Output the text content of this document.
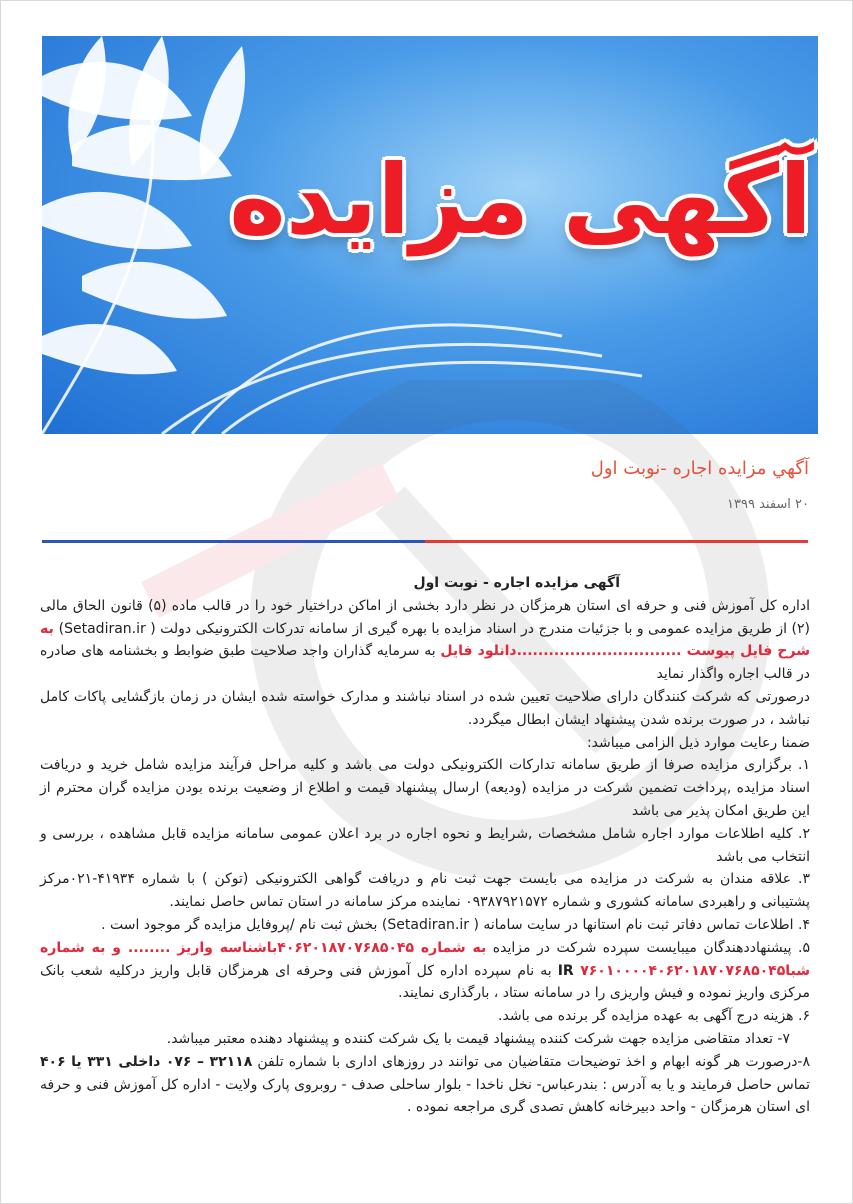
آگهی مزایده
آگهي مزايده اجاره -نوبت اول
۲۰ اسفند ۱۳۹۹

آگهی مزایده اجاره - نوبت اول

اداره کل آموزش فنی و حرفه ای استان هرمزگان در نظر دارد بخشی از اماکن دراختیار خود را در قالب ماده (۵) قانون الحاق مالی (۲) از طریق مزایده عمومی و با جزئیات مندرج در اسناد مزایده با بهره گیری از سامانه تدرکات الکترونیکی دولت ( Setadiran.ir) به شرح فایل پیوست ...............................دانلود فایل به سرمایه گذاران واجد صلاحیت طبق ضوابط و بخشنامه های صادره در قالب اجاره واگذار نماید

درصورتی که شرکت کنندگان دارای صلاحیت تعیین شده در اسناد نباشند و مدارک خواسته شده ایشان در زمان بازگشایی پاکات کامل نباشد ، در صورت برنده شدن پیشنهاد ایشان ابطال میگردد.

ضمنا رعایت موارد ذیل الزامی میباشد:

۱. برگزاری مزایده صرفا از طریق سامانه تدارکات الکترونیکی دولت می باشد و کلیه مراحل فرآیند مزایده شامل خرید و دریافت اسناد مزایده ,پرداخت تضمین شرکت در مزایده (ودیعه) ارسال پیشنهاد قیمت و اطلاع از وضعیت برنده بودن مزایده گران محترم از این طریق امکان پذیر می باشد

۲. کلیه اطلاعات موارد اجاره شامل مشخصات ,شرایط و نحوه اجاره در برد اعلان عمومی سامانه مزایده قابل مشاهده ، بررسی و انتخاب می باشد

۳. علاقه مندان به شرکت در مزایده می بایست جهت ثبت نام و دریافت گواهی الکترونیکی (توکن ) با شماره ۴۱۹۳۴-۰۲۱مرکز پشتیبانی و راهبردی سامانه کشوری و شماره ۰۹۳۸۷۹۲۱۵۷۲ نماینده مرکز سامانه در استان تماس حاصل نمایند.

۴. اطلاعات تماس دفاتر ثبت نام استانها در سایت سامانه ( Setadiran.ir) بخش ثبت نام /پروفایل مزایده گر موجود است .

۵. پیشنهاددهندگان میبایست سپرده شرکت در مزایده به شماره ۴۰۶۲۰۱۸۷۰۷۶۸۵۰۴۵باشناسه واریز ........ و به شماره شبا۷۶۰۱۰۰۰۰۴۰۶۲۰۱۸۷۰۷۶۸۵۰۴۵ IR به نام سپرده اداره کل آموزش فنی وحرفه ای هرمزگان قابل واریز درکلیه شعب بانک مرکزی واریز نموده و فیش واریزی را در سامانه ستاد ، بارگذاری نمایند.

۶. هزینه درج آگهی به عهده مزایده گر برنده می باشد.

۷- تعداد متقاضی مزایده جهت شرکت کننده پیشنهاد قیمت با یک شرکت کننده و پیشنهاد دهنده معتبر میباشد.

۸-درصورت هر گونه ابهام و اخذ توضیحات متقاضیان می توانند در روزهای اداری با شماره تلفن ۳۲۱۱۸ – ۰۷۶ داخلی ۳۳۱ یا ۴۰۶ تماس حاصل فرمایند و یا به آدرس : بندرعباس- نخل ناخدا - بلوار ساحلی صدف - روبروی پارک ولایت - اداره کل آموزش فنی و حرفه ای استان هرمزگان - واحد دبیرخانه کاهش تصدی گری مراجعه نموده .
